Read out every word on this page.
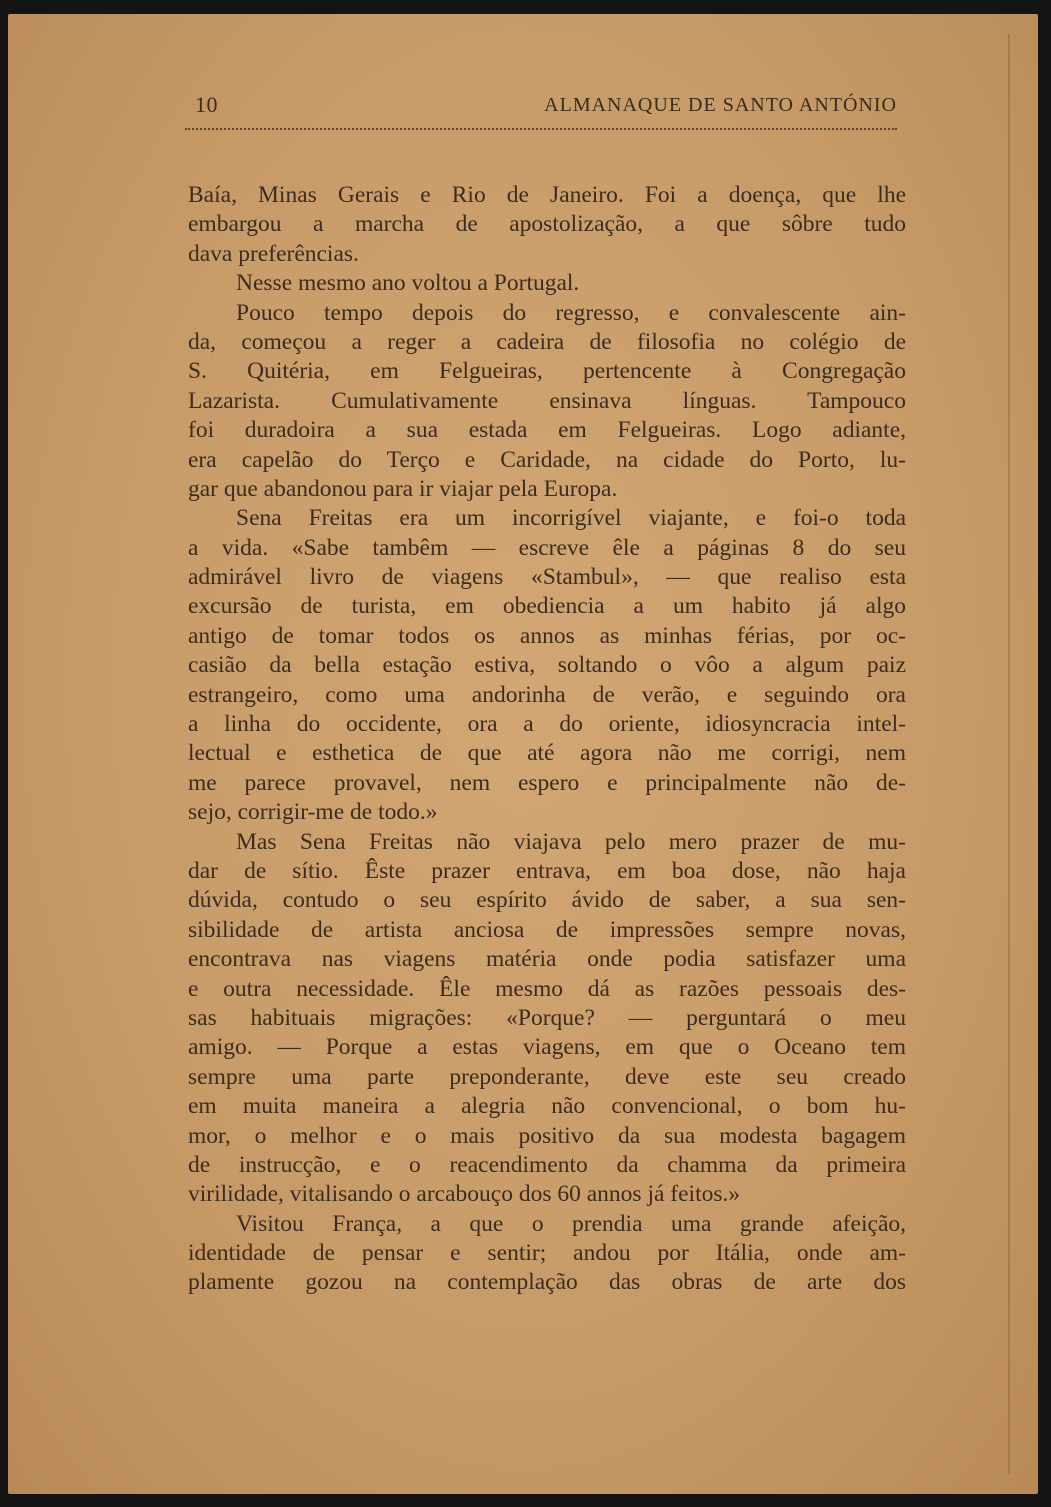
10	ALMANAQUE DE SANTO ANTÓNIO
Baía, Minas Gerais e Rio de Janeiro. Foi a doença, que lhe
embargou a marcha de apostolização, a que sôbre tudo
dava preferências.
Nesse mesmo ano voltou a Portugal.
Pouco tempo depois do regresso, e convalescente ain-
da, começou a reger a cadeira de filosofia no colégio de
S. Quitéria, em Felgueiras, pertencente à Congregação
Lazarista. Cumulativamente ensinava línguas. Tampouco
foi duradoira a sua estada em Felgueiras. Logo adiante,
era capelão do Terço e Caridade, na cidade do Porto, lu-
gar que abandonou para ir viajar pela Europa.
Sena Freitas era um incorrigível viajante, e foi-o toda
a vida. «Sabe tambêm — escreve êle a páginas 8 do seu
admirável livro de viagens «Stambul», — que realiso esta
excursão de turista, em obediencia a um habito já algo
antigo de tomar todos os annos as minhas férias, por oc-
casião da bella estação estiva, soltando o vôo a algum paiz
estrangeiro, como uma andorinha de verão, e seguindo ora
a linha do occidente, ora a do oriente, idiosyncracia intel-
lectual e esthetica de que até agora não me corrigi, nem
me parece provavel, nem espero e principalmente não de-
sejo, corrigir-me de todo.»
Mas Sena Freitas não viajava pelo mero prazer de mu-
dar de sítio. Êste prazer entrava, em boa dose, não haja
dúvida, contudo o seu espírito ávido de saber, a sua sen-
sibilidade de artista anciosa de impressões sempre novas,
encontrava nas viagens matéria onde podia satisfazer uma
e outra necessidade. Êle mesmo dá as razões pessoais des-
sas habituais migrações: «Porque? — perguntará o meu
amigo. — Porque a estas viagens, em que o Oceano tem
sempre uma parte preponderante, deve este seu creado
em muita maneira a alegria não convencional, o bom hu-
mor, o melhor e o mais positivo da sua modesta bagagem
de instrucção, e o reacendimento da chamma da primeira
virilidade, vitalisando o arcabouço dos 60 annos já feitos.»
Visitou França, a que o prendia uma grande afeição,
identidade de pensar e sentir; andou por Itália, onde am-
plamente gozou na contemplação das obras de arte dos
